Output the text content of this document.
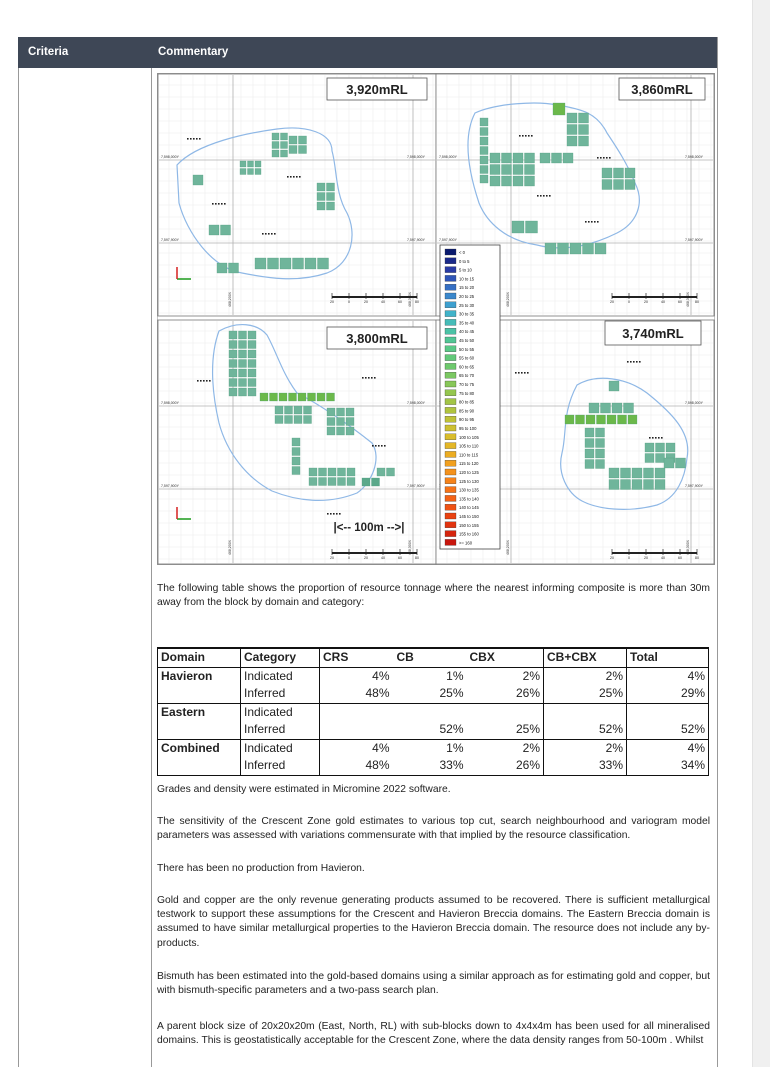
Criteria	Commentary
7,598,000Y
7,597,900Y
7,598,000Y
7,597,900Y
468,200X	468,300X
7,598,000Y
7,597,900Y
7,598,000Y
7,597,900Y
468,200X	468,300X
7,598,000Y
7,597,900Y
7,598,000Y
7,597,900Y
468,200X	468,300X
7,598,000Y
7,597,900Y
468,200X	468,300X
3,920mRL	3,860mRL
3,800mRL	3,740mRL
20	0	20	40	60	80	20	0	20	40	60	80
20	0	20	40	60	80	20	0	20	40	60	80
|<-- 100m -->|
< 0
0 to 5
5 to 10
10 to 15
15 to 20
20 to 25
25 to 30
30 to 35
35 to 40
40 to 45
45 to 50
50 to 55
55 to 60
60 to 65
65 to 70
70 to 75
75 to 80
80 to 85
85 to 90
90 to 95
95 to 100
100 to 105
105 to 110
110 to 115
115 to 120
120 to 125
125 to 130
130 to 135
135 to 140
140 to 145
145 to 150
150 to 155
155 to 160
>= 160
The following table shows the proportion of resource tonnage where the nearest informing composite is more than 30m away from the block by domain and category:
Domain	Category	CRS	CB	CBX	CB+CBX	Total
Havieron	Indicated	4%	1%	2%	2%	4%
	Inferred	48%	25%	26%	25%	29%
Eastern	Indicated					
	Inferred		52%	25%	52%	52%
Combined	Indicated	4%	1%	2%	2%	4%
	Inferred	48%	33%	26%	33%	34%
Grades and density were estimated in Micromine 2022 software.
The sensitivity of the Crescent Zone gold estimates to various top cut, search neighbourhood and variogram model parameters was assessed with variations commensurate with that implied by the resource classification.
There has been no production from Havieron.
Gold and copper are the only revenue generating products assumed to be recovered. There is sufficient metallurgical testwork to support these assumptions for the Crescent and Havieron Breccia domains. The Eastern Breccia domain is assumed to have similar metallurgical properties to the Havieron Breccia domain. The resource does not include any by-products.
Bismuth has been estimated into the gold-based domains using a similar approach as for estimating gold and copper, but with bismuth-specific parameters and a two-pass search plan.
A parent block size of 20x20x20m (East, North, RL) with sub-blocks down to 4x4x4m has been used for all mineralised domains. This is geostatistically acceptable for the Crescent Zone, where the data density ranges from 50-100m . Whilst
